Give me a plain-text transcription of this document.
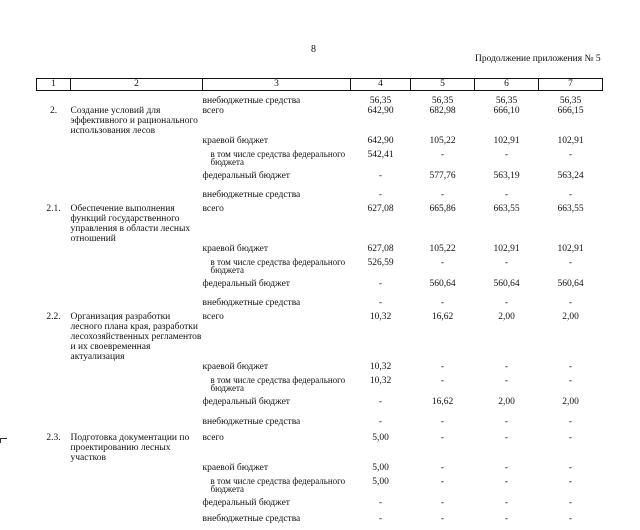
8
Продолжение приложения № 5
1	2	3	4	5	6	7
		внебюджетные средства	56,35	56,35	56,35	56,35
2.	Создание условий для эффективного и рационального использования лесов	всего	642,90	682,98	666,10	666,15
		краевой бюджет	642,90	105,22	102,91	102,91
		в том числе средства федерального бюджета	542,41	-	-	-
		федеральный бюджет	-	577,76	563,19	563,24
		внебюджетные средства	-	-	-	-
2.1.	Обеспечение выполнения функций государственного управления в области лесных отношений	всего	627,08	665,86	663,55	663,55
		краевой бюджет	627,08	105,22	102,91	102,91
		в том числе средства федерального бюджета	526,59	-	-	-
		федеральный бюджет	-	560,64	560,64	560,64
		внебюджетные средства	-	-	-	-
2.2.	Организация разработки лесного плана края, разработки лесохозяйственных регламентов и их своевременная актуализация	всего	10,32	16,62	2,00	2,00
		краевой бюджет	10,32	-	-	-
		в том числе средства федерального бюджета	10,32	-	-	-
		федеральный бюджет	-	16,62	2,00	2,00
		внебюджетные средства	-	-	-	-
2.3.	Подготовка документации по проектированию лесных участков	всего	5,00	-	-	-
		краевой бюджет	5,00	-	-	-
		в том числе средства федерального бюджета	5,00	-	-	-
		федеральный бюджет	-	-	-	-
		внебюджетные средства	-	-	-	-
